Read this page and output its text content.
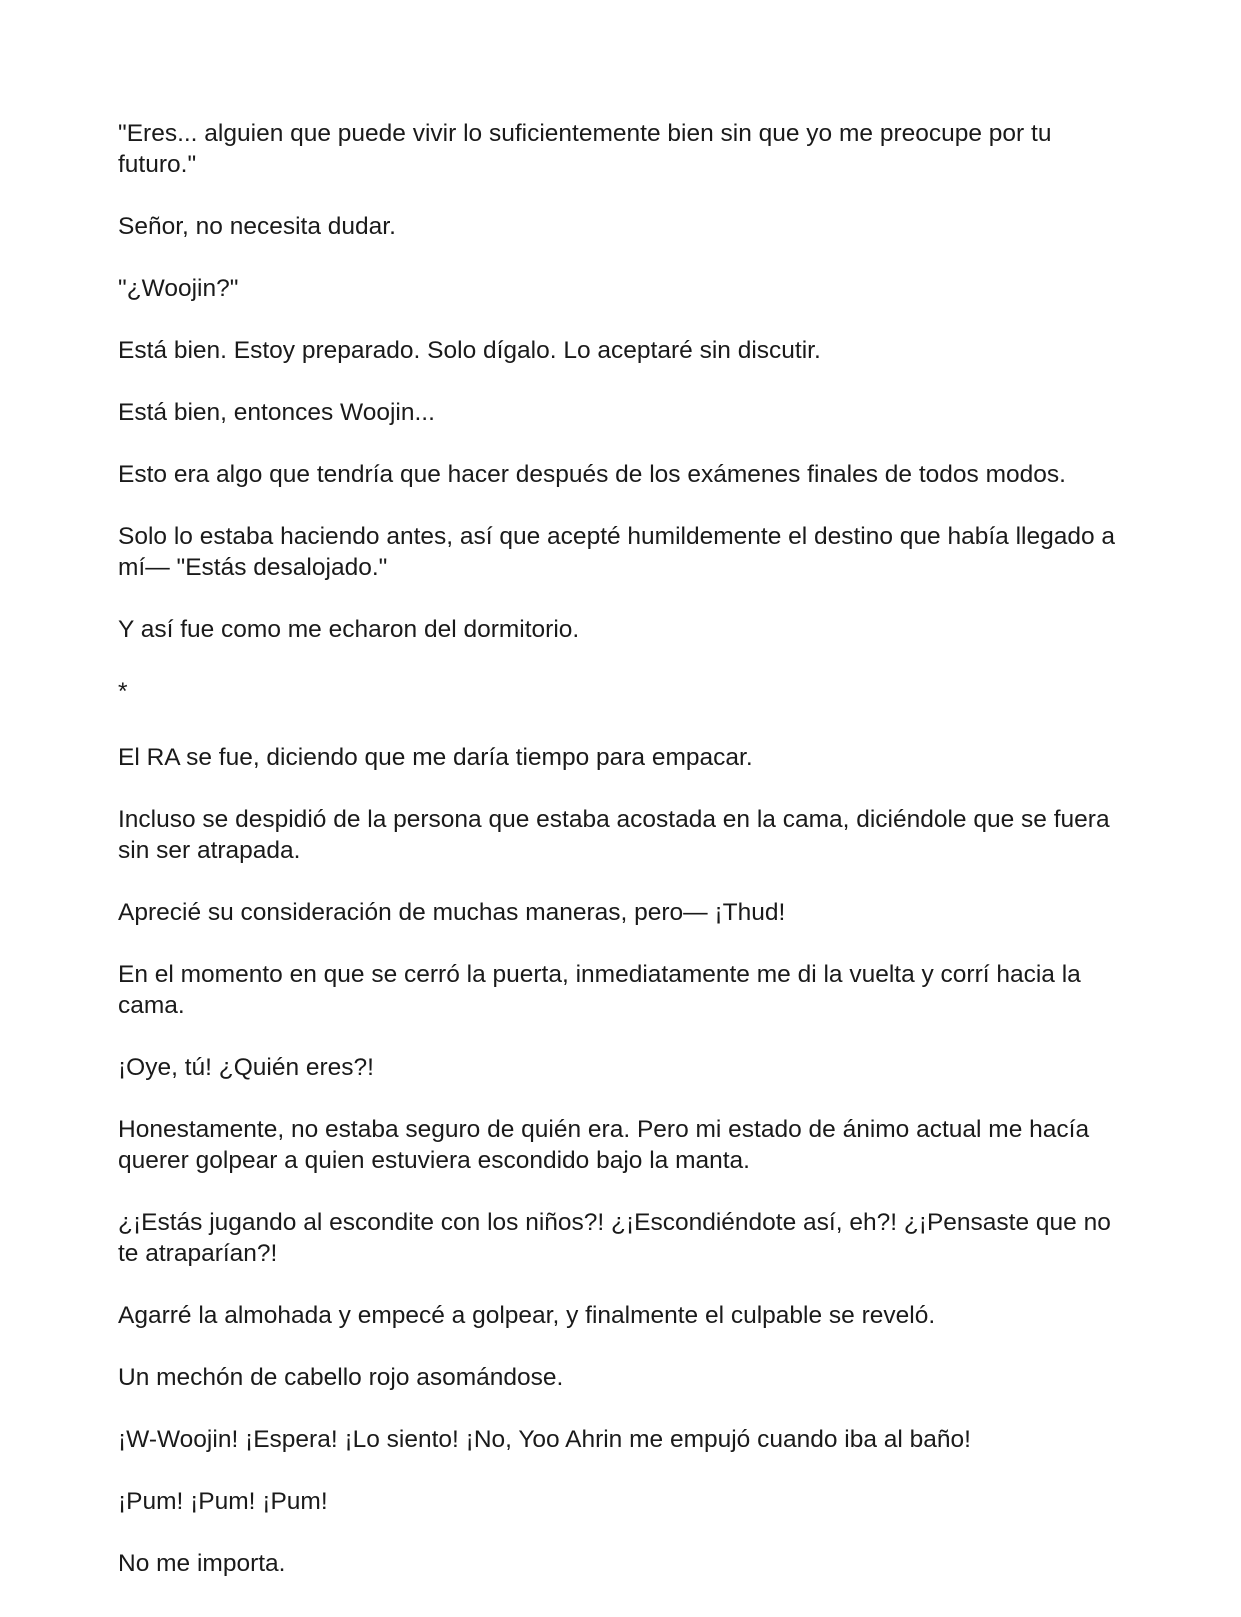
"Eres... alguien que puede vivir lo suficientemente bien sin que yo me preocupe por tu futuro."

Señor, no necesita dudar.

"¿Woojin?"

Está bien. Estoy preparado. Solo dígalo. Lo aceptaré sin discutir.

Está bien, entonces Woojin...

Esto era algo que tendría que hacer después de los exámenes finales de todos modos.

Solo lo estaba haciendo antes, así que acepté humildemente el destino que había llegado a mí— "Estás desalojado."

Y así fue como me echaron del dormitorio.

*

El RA se fue, diciendo que me daría tiempo para empacar.

Incluso se despidió de la persona que estaba acostada en la cama, diciéndole que se fuera sin ser atrapada.

Aprecié su consideración de muchas maneras, pero— ¡Thud!

En el momento en que se cerró la puerta, inmediatamente me di la vuelta y corrí hacia la cama.

¡Oye, tú! ¿Quién eres?!

Honestamente, no estaba seguro de quién era. Pero mi estado de ánimo actual me hacía querer golpear a quien estuviera escondido bajo la manta.

¿¡Estás jugando al escondite con los niños?! ¿¡Escondiéndote así, eh?! ¿¡Pensaste que no te atraparían?!

Agarré la almohada y empecé a golpear, y finalmente el culpable se reveló.

Un mechón de cabello rojo asomándose.

¡W-Woojin! ¡Espera! ¡Lo siento! ¡No, Yoo Ahrin me empujó cuando iba al baño!

¡Pum! ¡Pum! ¡Pum!

No me importa.
